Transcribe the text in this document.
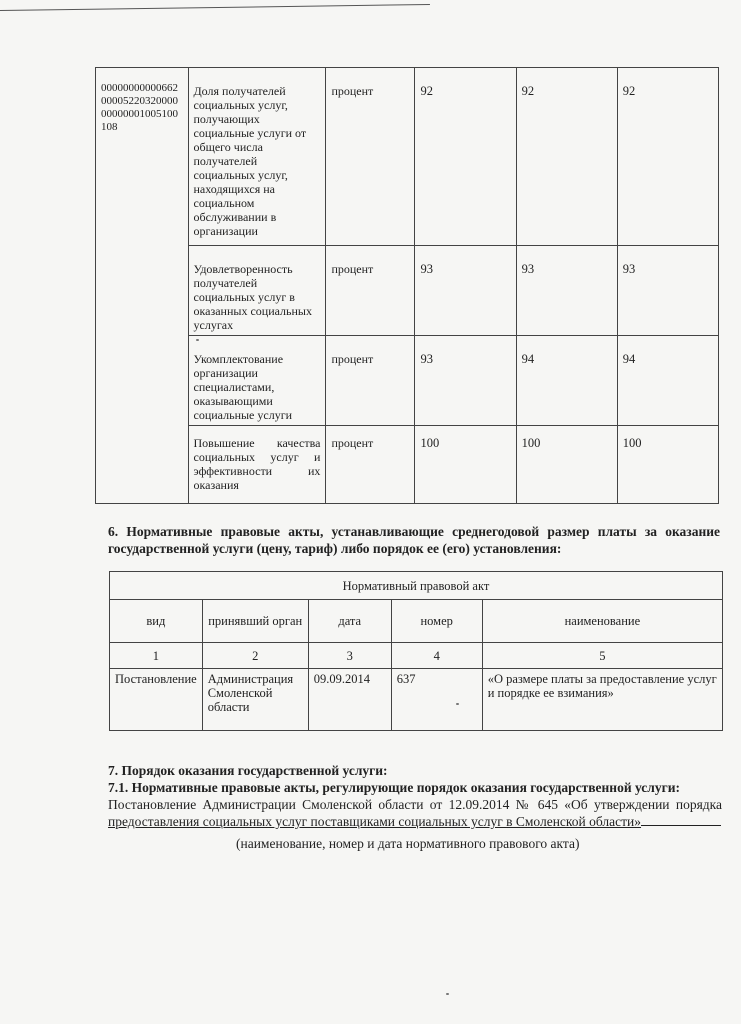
00000000000662
00005220320000
00000001005100
108	Доля получателей социальных услуг, получающих социальные услуги от общего числа получателей социальных услуг, находящихся на социальном обслуживании в организации	процент	92	92	92
	Удовлетворенность получателей социальных услуг в оказанных социальных услугах	процент	93	93	93
	Укомплектование организации специалистами, оказывающими социальные услуги	процент	93	94	94
	Повышение качества социальных услуг и эффективности их оказания	процент	100	100	100
6. Нормативные правовые акты, устанавливающие среднегодовой размер платы за оказание государственной услуги (цену, тариф) либо порядок ее (его) установления:
Нормативный правовой акт				
вид	принявший орган	дата	номер	наименование
1	2	3	4	5
Постановление	Администрация Смоленской области	09.09.2014	637	«О размере платы за предоставление услуг и порядке ее взимания»
7. Порядок оказания государственной услуги:
7.1. Нормативные правовые акты, регулирующие порядок оказания государственной услуги:
Постановление Администрации Смоленской области от 12.09.2014 № 645 «Об утверждении порядка
предоставления социальных услуг поставщиками социальных услуг в Смоленской области»
(наименование, номер и дата нормативного правового акта)
